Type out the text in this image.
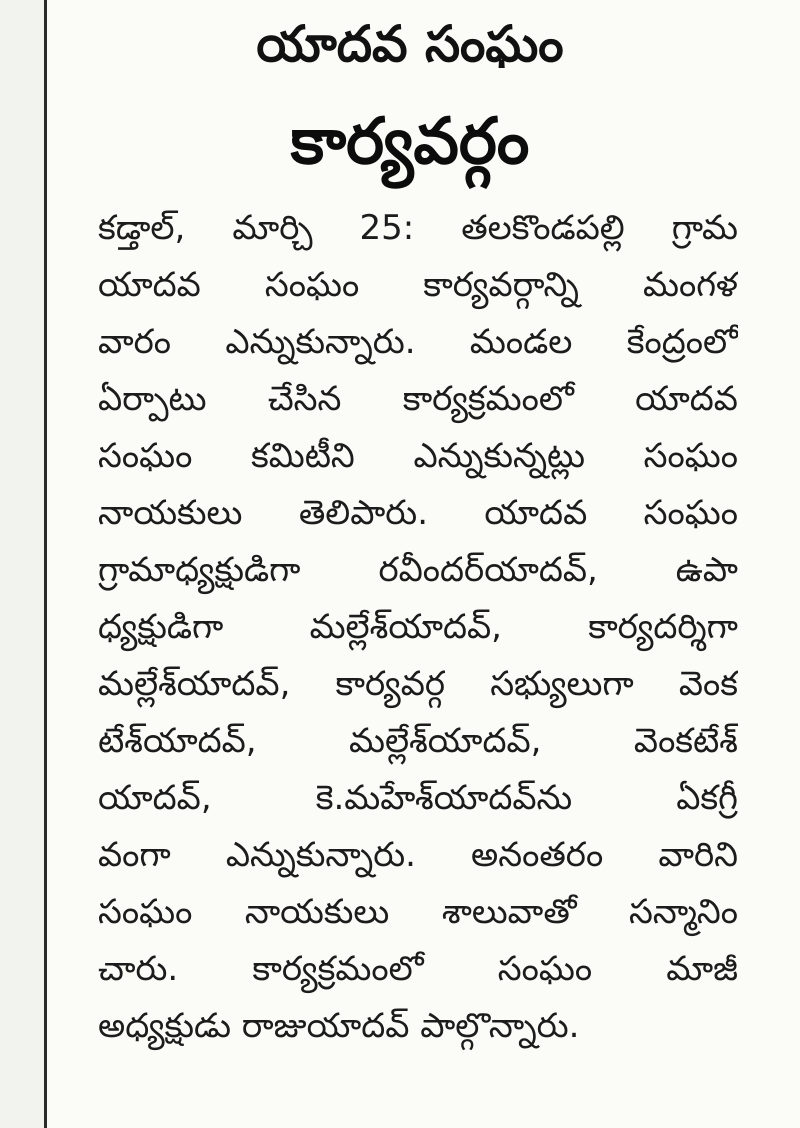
యాదవ సంఘం
కార్యవర్గం
కడ్తాల్, మార్చి 25: తలకొండపల్లి గ్రామ
యాదవ సంఘం కార్యవర్గాన్ని మంగళ
వారం ఎన్నుకున్నారు. మండల కేంద్రంలో
ఏర్పాటు చేసిన కార్యక్రమంలో యాదవ
సంఘం కమిటీని ఎన్నుకున్నట్లు సంఘం
నాయకులు తెలిపారు. యాదవ సంఘం
గ్రామాధ్యక్షుడిగా రవీందర్‌యాదవ్, ఉపా
ధ్యక్షుడిగా	మల్లేశ్‌యాదవ్,	కార్యదర్శిగా
మల్లేశ్‌యాదవ్, కార్యవర్గ సభ్యులుగా వెంక
టేశ్‌యాదవ్,	మల్లేశ్‌యాదవ్,	వెంకటేశ్
యాదవ్,	కె.మహేశ్‌యాదవ్‌ను	ఏకగ్రీ
వంగా ఎన్నుకున్నారు. అనంతరం వారిని
సంఘం నాయకులు శాలువాతో సన్మానిం
చారు. కార్యక్రమంలో సంఘం మాజీ
అధ్యక్షుడు
రాజుయాదవ్
పాల్గొన్నారు.
